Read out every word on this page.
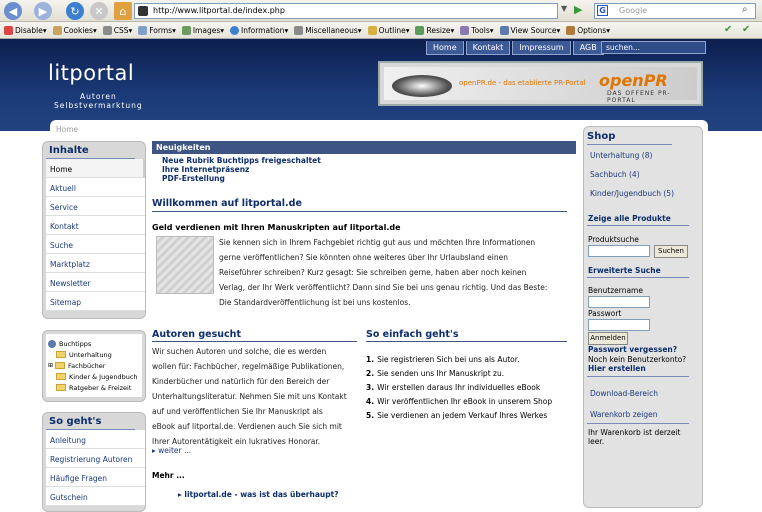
◀	▶	↻	✕	⌂	http://www.litportal.de/index.php	▼ ▶	G Google	⌕
Disable ▾ Cookies ▾ CSS ▾ Forms ▾ Images ▾ Information ▾ Miscellaneous ▾ Outline ▾ Resize ▾ Tools ▾ View Source ▾ Options ▾	✔ ✔
Home	Kontakt	Impressum	AGB	suchen...
litportal
Autoren
Selbstvermarktung
openPR.de - das etablierte PR-Portal openPR
DAS OFFENE PR-PORTAL
Home
Inhalte
Home
Aktuell
Service
Kontakt
Suche
Marktplatz
Newsletter
Sitemap
Buchtipps
Unterhaltung
⊞ Fachbücher
Kinder & Jugendbuch
Ratgeber & Freizeit
So geht's
Anleitung
Registrierung Autoren
Häufige Fragen
Gutschein
Neuigkeiten
Neue Rubrik Buchtipps freigeschaltet
Ihre Internetpräsenz
PDF-Erstellung
Willkommen auf litportal.de
Geld verdienen mit Ihren Manuskripten auf litportal.de
Sie kennen sich in Ihrem Fachgebiet richtig gut aus und möchten Ihre Informationen
gerne veröffentlichen? Sie könnten ohne weiteres über Ihr Urlaubsland einen
Reiseführer schreiben? Kurz gesagt: Sie schreiben gerne, haben aber noch keinen
Verlag, der Ihr Werk veröffentlicht? Dann sind Sie bei uns genau richtig. Und das Beste:
Die Standardveröffentlichung ist bei uns kostenlos.
Autoren gesucht
Wir suchen Autoren und solche, die es werden
wollen für: Fachbücher, regelmäßige Publikationen,
Kinderbücher und natürlich für den Bereich der
Unterhaltungsliteratur. Nehmen Sie mit uns Kontakt
auf und veröffentlichen Sie Ihr Manuskript als
eBook auf litportal.de. Verdienen auch Sie sich mit
Ihrer Autorentätigkeit ein lukratives Honorar.
▸ weiter ...
Mehr ...
▸ litportal.de - was ist das überhaupt?
So einfach geht's
1. Sie registrieren Sich bei uns als Autor.
2. Sie senden uns Ihr Manuskript zu.
3. Wir erstellen daraus Ihr individuelles eBook
4. Wir veröffentlichen Ihr eBook in unserem Shop
5. Sie verdienen an jedem Verkauf Ihres Werkes
Shop
Unterhaltung (8)
Sachbuch (4)
Kinder/Jugendbuch (5)
Zeige alle Produkte
Produktsuche
Suchen
Erweiterte Suche
Benutzername
Passwort
Anmelden
Passwort vergessen?
Noch kein Benutzerkonto?
Hier erstellen
Download-Bereich
Warenkorb zeigen
Ihr Warenkorb ist derzeit
leer.
